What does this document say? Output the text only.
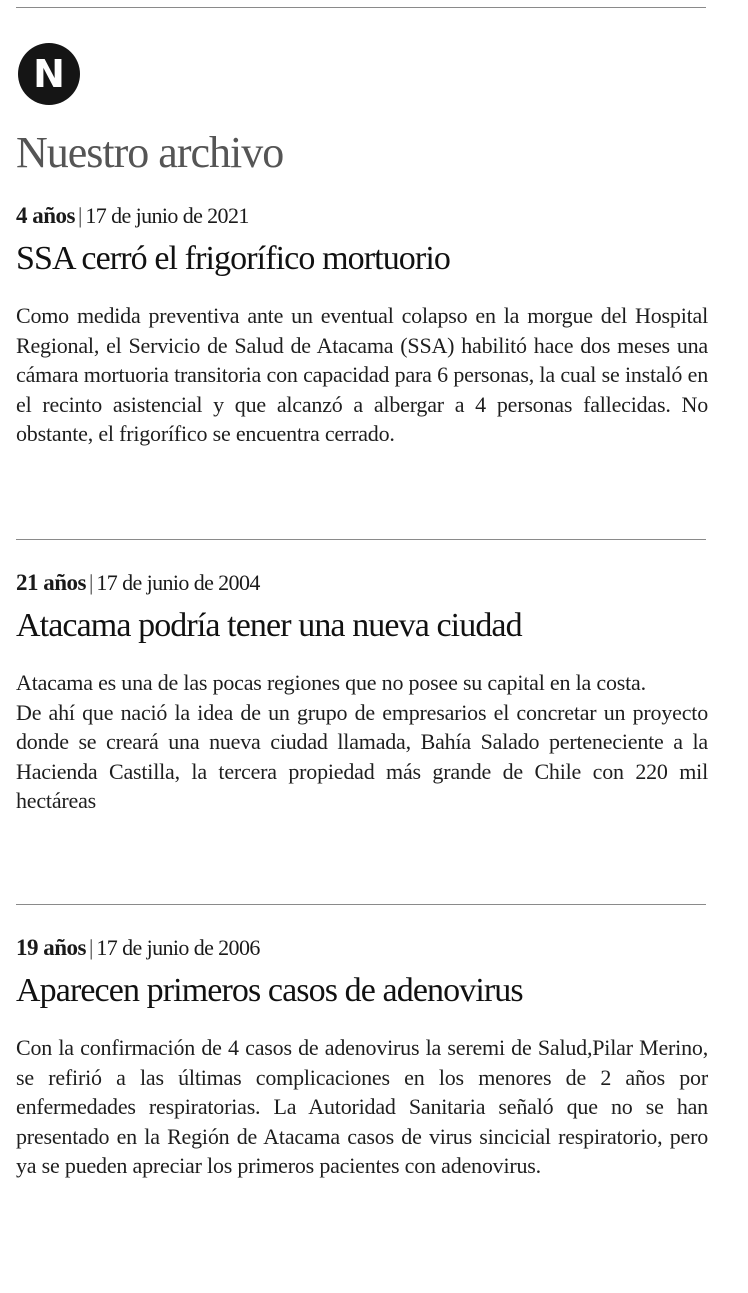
N
Nuestro archivo
4 años | 17 de junio de 2021
SSA cerró el frigorífico mortuorio

Como medida preventiva ante un eventual colapso en la morgue del Hospital Regional, el Servicio de Salud de Atacama (SSA) habilitó hace dos meses una cámara mortuoria transitoria con capacidad para 6 personas, la cual se instaló en el recinto asistencial y que alcanzó a albergar a 4 personas fallecidas. No obstante, el frigorífico se encuentra cerrado.

21 años | 17 de junio de 2004
Atacama podría tener una nueva ciudad

Atacama es una de las pocas regiones que no posee su capital en la costa.

De ahí que nació la idea de un grupo de empresarios el concretar un proyecto donde se creará una nueva ciudad llamada, Bahía Salado perteneciente a la Hacienda Castilla, la tercera propiedad más grande de Chile con 220 mil hectáreas

19 años | 17 de junio de 2006
Aparecen primeros casos de adenovirus

Con la confirmación de 4 casos de adenovirus la seremi de Salud,Pilar Merino, se refirió a las últimas complicaciones en los menores de 2 años por enfermedades respiratorias. La Autoridad Sanitaria señaló que no se han presentado en la Región de Atacama casos de virus sincicial respiratorio, pero ya se pueden apreciar los primeros pacientes con adenovirus.
